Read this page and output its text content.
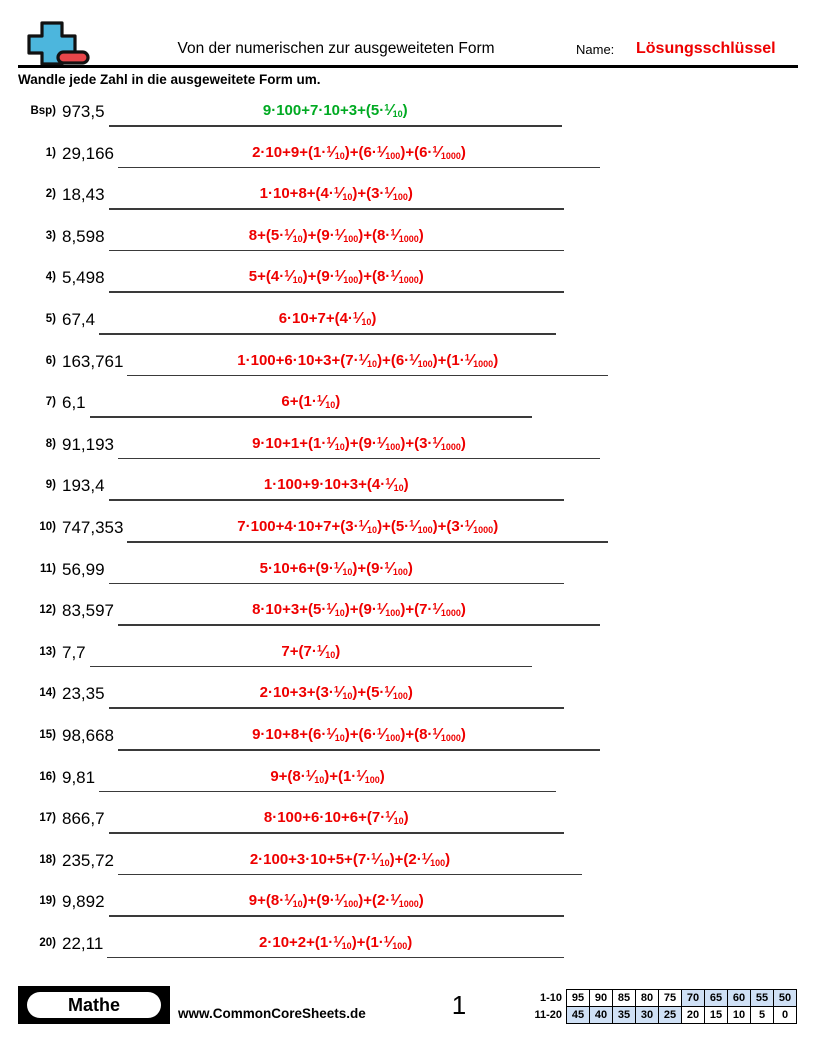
Von der numerischen zur ausgeweiteten Form	Name: Lösungsschlüssel
Wandle jede Zahl in die ausgeweitete Form um.
Bsp) 973,5	$9\cdot 100+7\cdot 10+3+(5\cdot^1⁄_{10})$
1) 29,166	$2\cdot 10+9+(1\cdot^1⁄_{10})+(6\cdot^1⁄_{100})+(6\cdot^1⁄_{1000})$
2) 18,43	$1\cdot 10+8+(4\cdot^1⁄_{10})+(3\cdot^1⁄_{100})$
3) 8,598	$8+(5\cdot^1⁄_{10})+(9\cdot^1⁄_{100})+(8\cdot^1⁄_{1000})$
4) 5,498	$5+(4\cdot^1⁄_{10})+(9\cdot^1⁄_{100})+(8\cdot^1⁄_{1000})$
5) 67,4	$6\cdot 10+7+(4\cdot^1⁄_{10})$
6) 163,761	$1\cdot 100+6\cdot 10+3+(7\cdot^1⁄_{10})+(6\cdot^1⁄_{100})+(1\cdot^1⁄_{1000})$
7) 6,1	$6+(1\cdot^1⁄_{10})$
8) 91,193	$9\cdot 10+1+(1\cdot^1⁄_{10})+(9\cdot^1⁄_{100})+(3\cdot^1⁄_{1000})$
9) 193,4	$1\cdot 100+9\cdot 10+3+(4\cdot^1⁄_{10})$
10) 747,353	$7\cdot 100+4\cdot 10+7+(3\cdot^1⁄_{10})+(5\cdot^1⁄_{100})+(3\cdot^1⁄_{1000})$
11) 56,99	$5\cdot 10+6+(9\cdot^1⁄_{10})+(9\cdot^1⁄_{100})$
12) 83,597	$8\cdot 10+3+(5\cdot^1⁄_{10})+(9\cdot^1⁄_{100})+(7\cdot^1⁄_{1000})$
13) 7,7	$7+(7\cdot^1⁄_{10})$
14) 23,35	$2\cdot 10+3+(3\cdot^1⁄_{10})+(5\cdot^1⁄_{100})$
15) 98,668	$9\cdot 10+8+(6\cdot^1⁄_{10})+(6\cdot^1⁄_{100})+(8\cdot^1⁄_{1000})$
16) 9,81	$9+(8\cdot^1⁄_{10})+(1\cdot^1⁄_{100})$
17) 866,7	$8\cdot 100+6\cdot 10+6+(7\cdot^1⁄_{10})$
18) 235,72	$2\cdot 100+3\cdot 10+5+(7\cdot^1⁄_{10})+(2\cdot^1⁄_{100})$
19) 9,892	$9+(8\cdot^1⁄_{10})+(9\cdot^1⁄_{100})+(2\cdot^1⁄_{1000})$
20) 22,11	$2\cdot 10+2+(1\cdot^1⁄_{10})+(1\cdot^1⁄_{100})$
Mathe	www.CommonCoreSheets.de	1	1-10	95	90	85	80	75	70	65	60	55	50
11-20	45	40	35	30	25	20	15	10	5	0
